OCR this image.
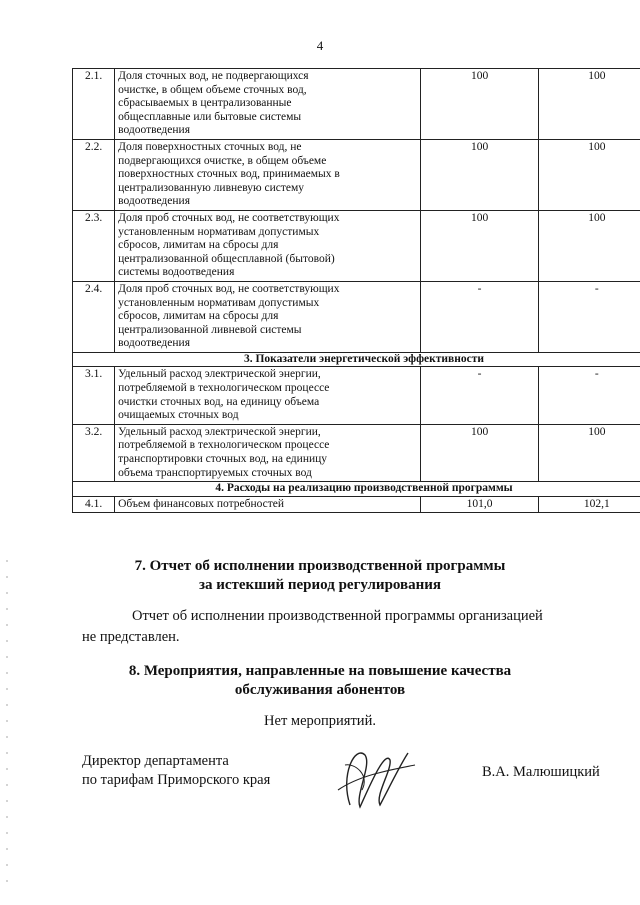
4
2.1.	Доля сточных вод, не подвергающихся
очистке, в общем объеме сточных вод,
сбрасываемых в централизованные
общесплавные или бытовые системы
водоотведения	100	100
2.2.	Доля поверхностных сточных вод, не
подвергающихся очистке, в общем объеме
поверхностных сточных вод, принимаемых в
централизованную ливневую систему
водоотведения	100	100
2.3.	Доля проб сточных вод, не соответствующих
установленным нормативам допустимых
сбросов, лимитам на сбросы для
централизованной общесплавной (бытовой)
системы водоотведения	100	100
2.4.	Доля проб сточных вод, не соответствующих
установленным нормативам допустимых
сбросов, лимитам на сбросы для
централизованной ливневой системы
водоотведения	-	-
3. Показатели энергетической эффективности			
3.1.	Удельный расход электрической энергии,
потребляемой в технологическом процессе
очистки сточных вод, на единицу объема
очищаемых сточных вод	-	-
3.2.	Удельный расход электрической энергии,
потребляемой в технологическом процессе
транспортировки сточных вод, на единицу
объема транспортируемых сточных вод	100	100
4. Расходы на реализацию производственной программы			
4.1.	Объем финансовых потребностей	101,0	102,1
7. Отчет об исполнении производственной программы
за истекший период регулирования
Отчет об исполнении производственной программы организацией
не представлен.
8. Мероприятия, направленные на повышение качества
обслуживания абонентов
Нет мероприятий.
Директор департамента
по тарифам Приморского края	В.А. Малюшицкий
